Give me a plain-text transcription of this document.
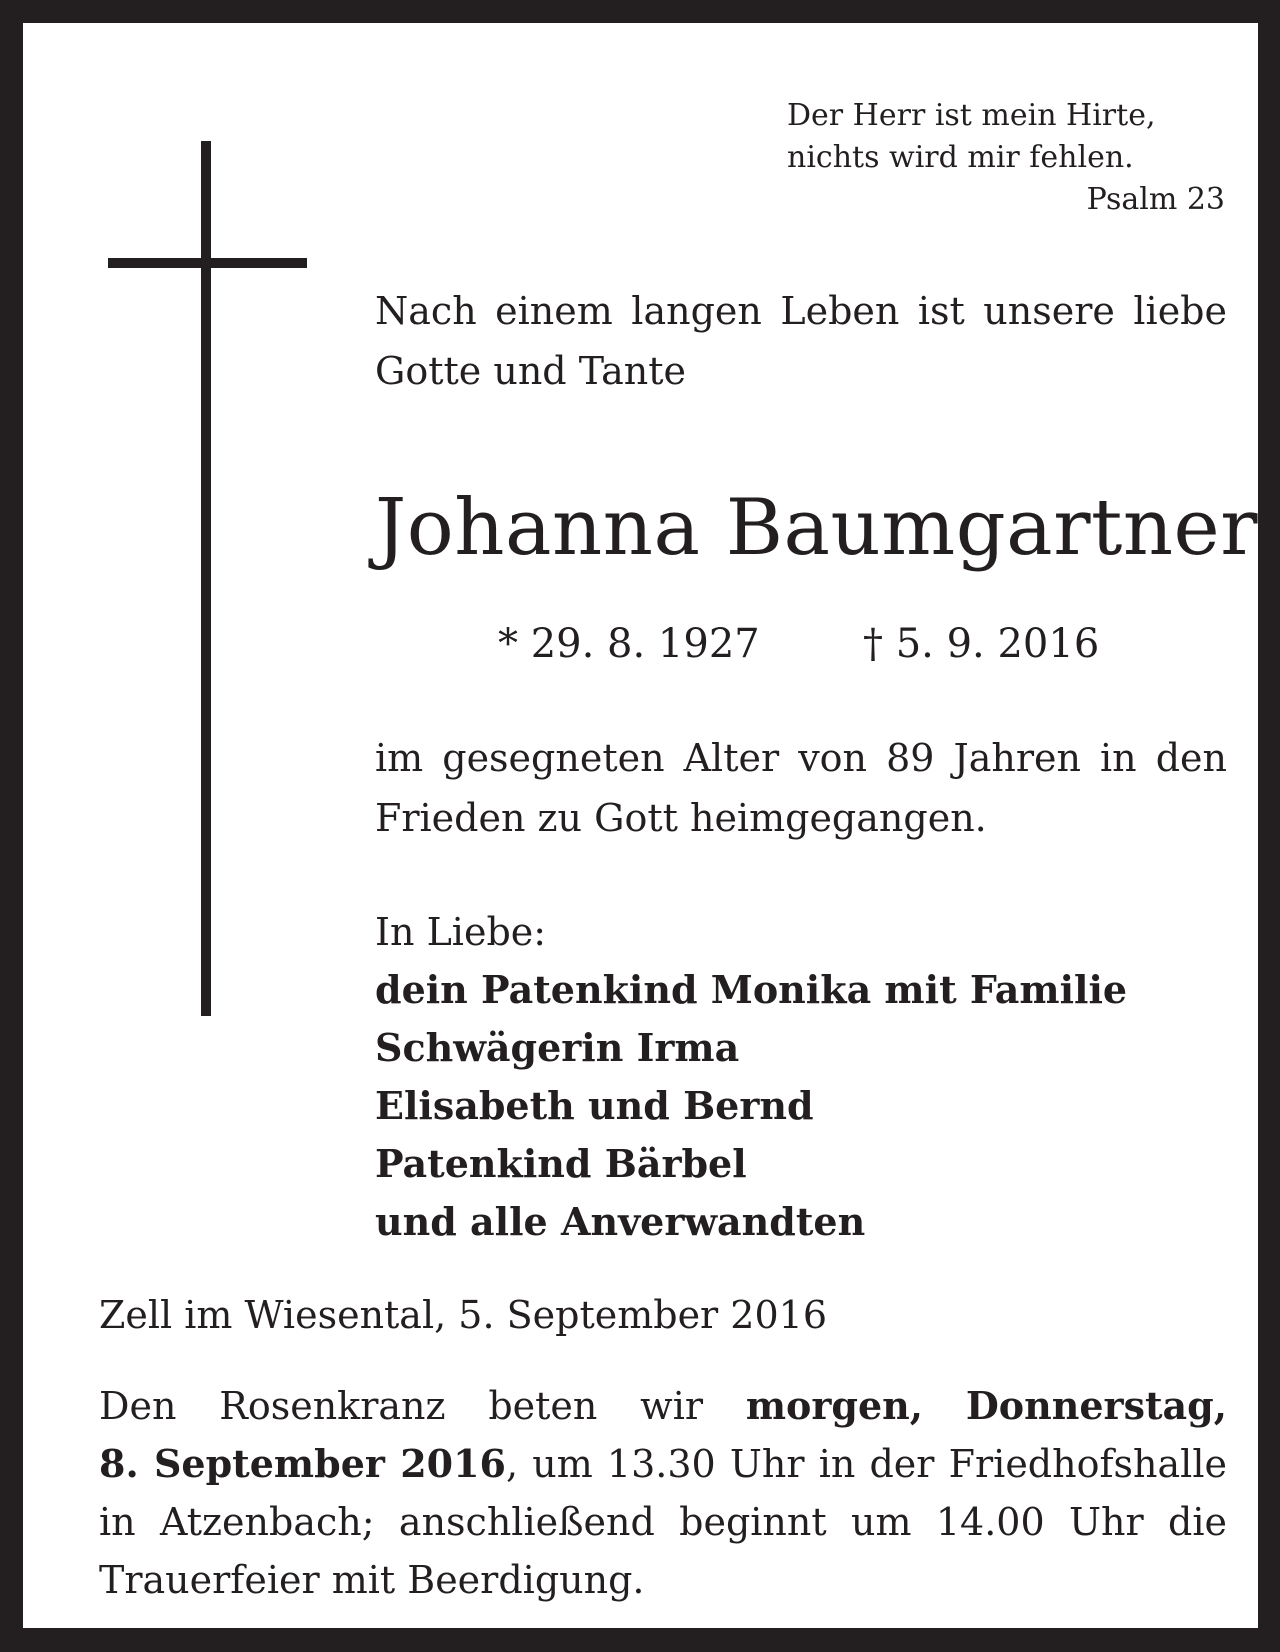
Der Herr ist mein Hirte,
nichts wird mir fehlen.
Psalm 23
Nach einem langen Leben ist unsere liebe
Gotte und Tante
Johanna Baumgartner
* 29. 8. 1927	† 5. 9. 2016
im gesegneten Alter von 89 Jahren in den
Frieden zu Gott heimgegangen.
In Liebe:
dein Patenkind Monika mit Familie
Schwägerin Irma
Elisabeth und Bernd
Patenkind Bärbel
und alle Anverwandten
Zell im Wiesental, 5. September 2016
Den Rosenkranz beten wir morgen, Donnerstag,
8. September 2016, um 13.30 Uhr in der Friedhofshalle
in Atzenbach; anschließend beginnt um 14.00 Uhr die
Trauerfeier mit Beerdigung.
